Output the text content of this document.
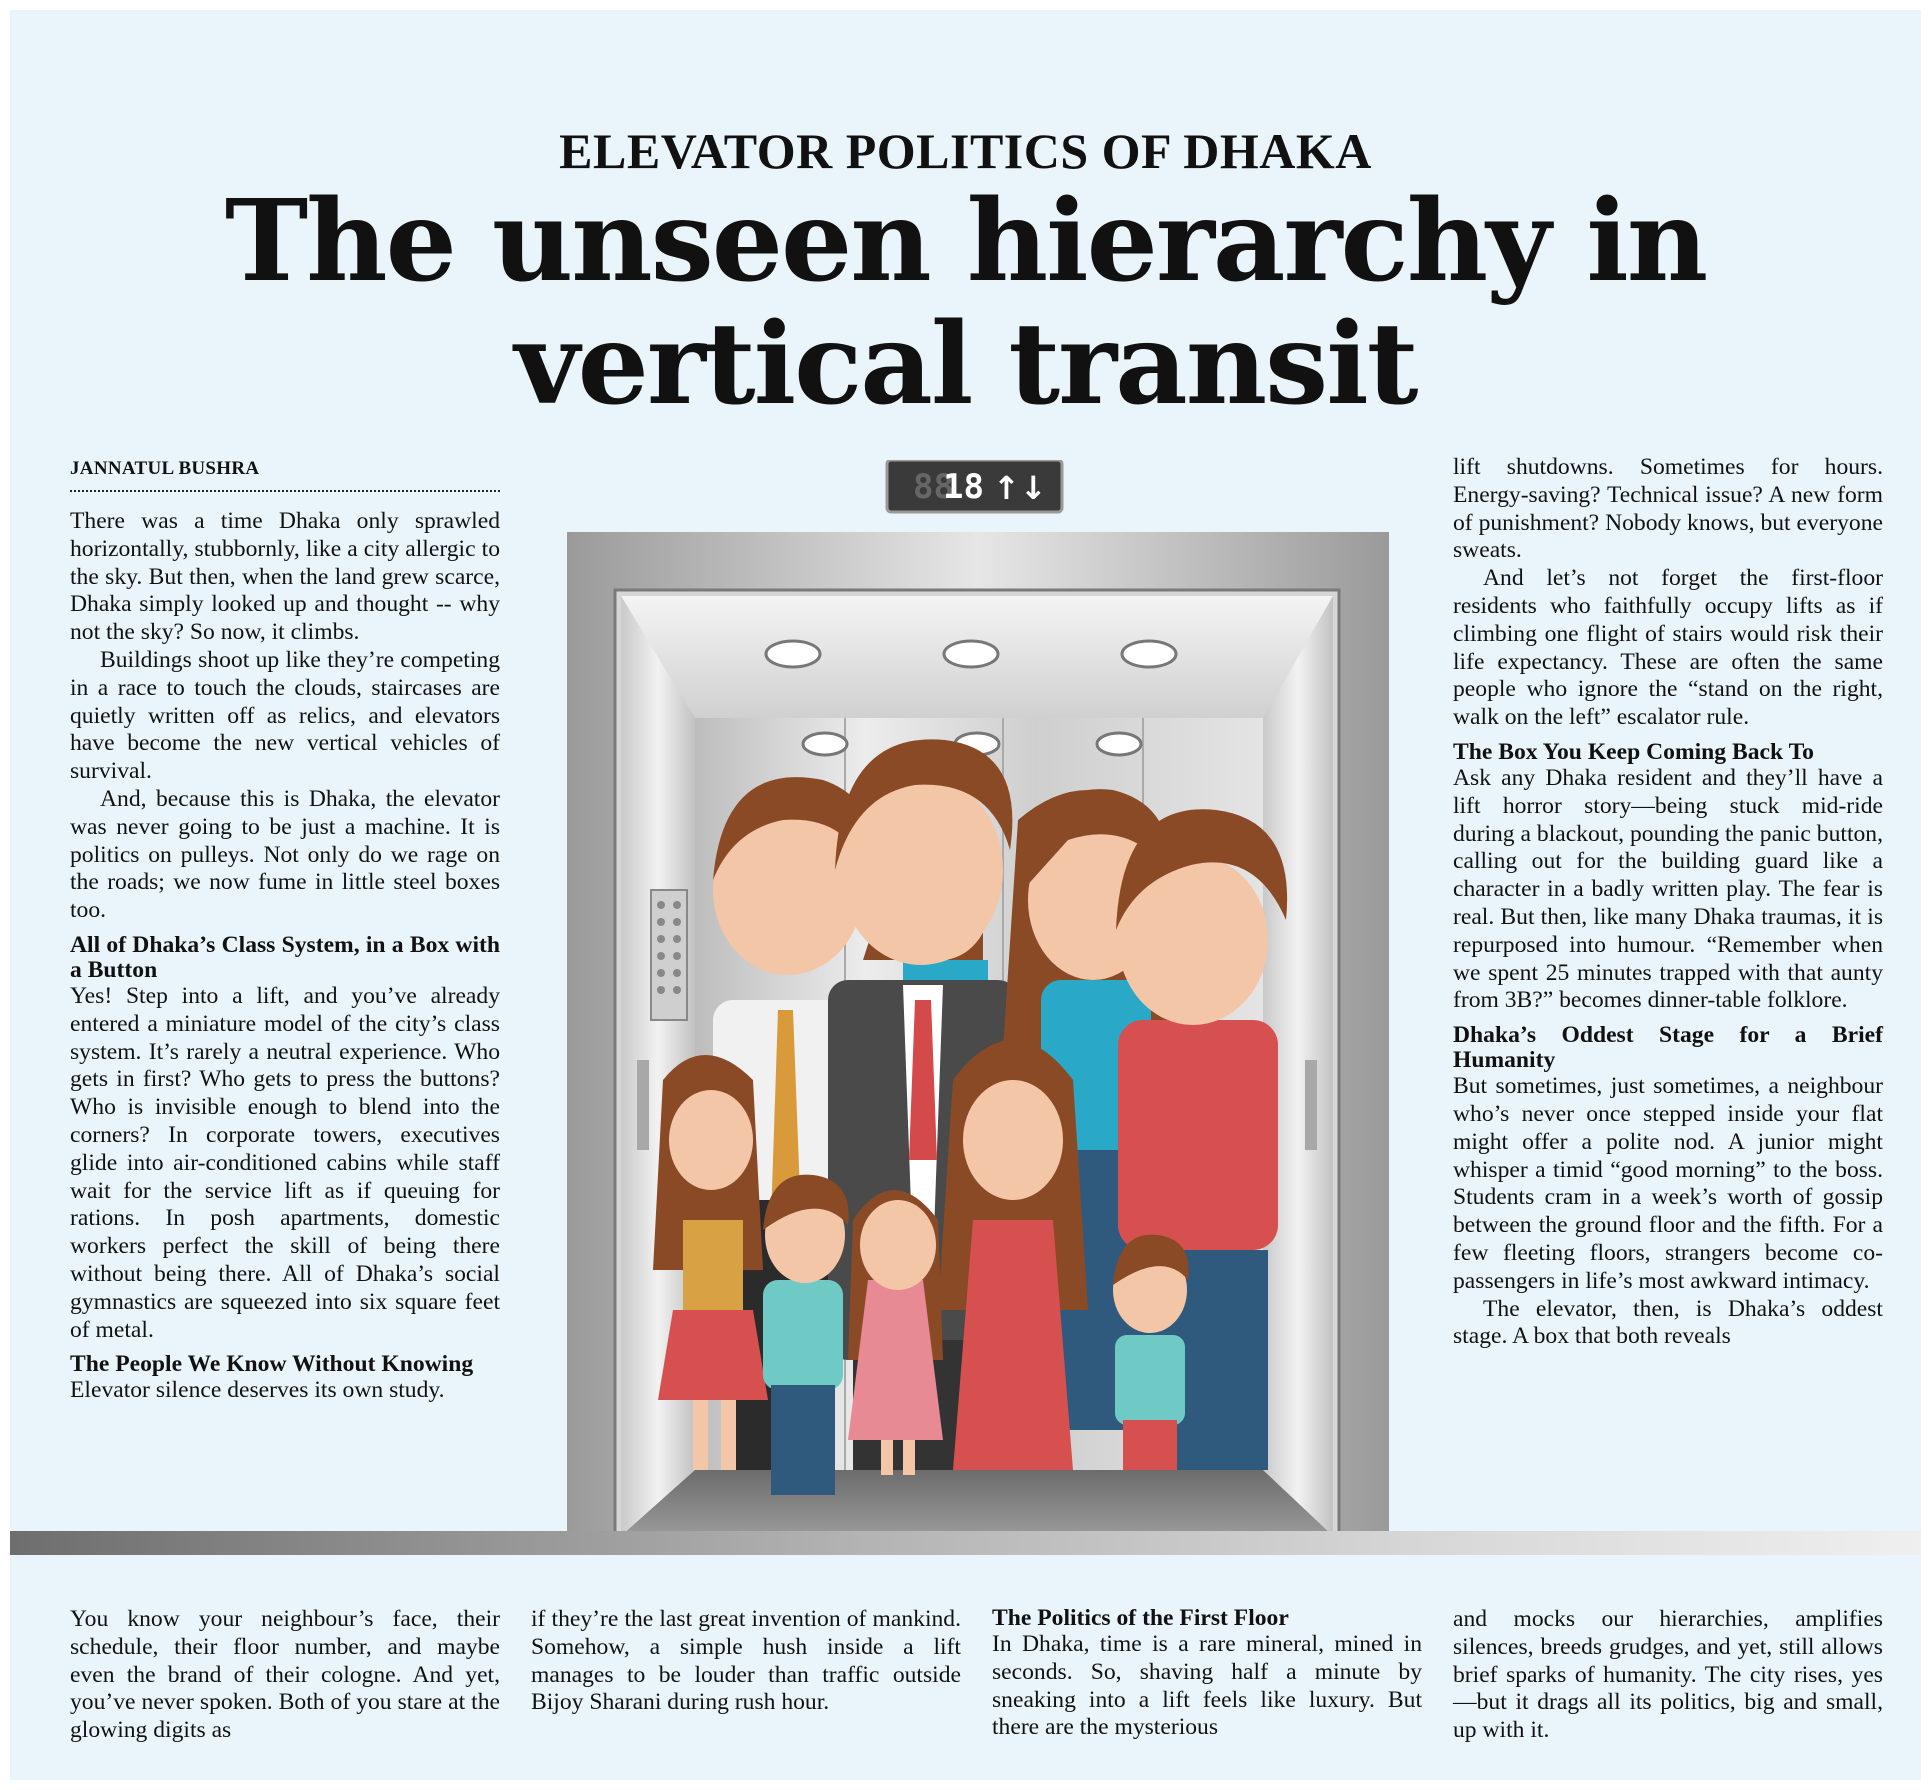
ELEVATOR POLITICS OF DHAKA
The unseen hierarchy in
vertical transit
JANNATUL BUSHRA

There was a time Dhaka only sprawled horizontally, stubbornly, like a city allergic to the sky. But then, when the land grew scarce, Dhaka simply looked up and thought -- why not the sky? So now, it climbs.

Buildings shoot up like they’re competing in a race to touch the clouds, staircases are quietly written off as relics, and elevators have become the new vertical vehicles of survival.

And, because this is Dhaka, the elevator was never going to be just a machine. It is politics on pulleys. Not only do we rage on the roads; we now fume in little steel boxes too.

All of Dhaka’s Class System, in a Box with a Button

Yes! Step into a lift, and you’ve already entered a miniature model of the city’s class system. It’s rarely a neutral experience. Who gets in first? Who gets to press the buttons? Who is invisible enough to blend into the corners? In corporate towers, executives glide into air-conditioned cabins while staff wait for the service lift as if queuing for rations. In posh apartments, domestic workers perfect the skill of being there without being there. All of Dhaka’s social gymnastics are squeezed into six square feet of metal.

The People We Know Without Knowing

Elevator silence deserves its own study.

lift shutdowns. Sometimes for hours. Energy-saving? Technical issue? A new form of punishment? Nobody knows, but everyone sweats.

And let’s not forget the first-floor residents who faithfully occupy lifts as if climbing one flight of stairs would risk their life expectancy. These are often the same people who ignore the “stand on the right, walk on the left” escalator rule.

The Box You Keep Coming Back To

Ask any Dhaka resident and they’ll have a lift horror story—being stuck mid-ride during a blackout, pounding the panic button, calling out for the building guard like a character in a badly written play. The fear is real. But then, like many Dhaka traumas, it is repurposed into humour. “Remember when we spent 25 minutes trapped with that aunty from 3B?” becomes dinner-table folklore.

Dhaka’s Oddest Stage for a Brief Humanity

But sometimes, just sometimes, a neighbour who’s never once stepped inside your flat might offer a polite nod. A junior might whisper a timid “good morning” to the boss. Students cram in a week’s worth of gossip between the ground floor and the fifth. For a few fleeting floors, strangers become co-passengers in life’s most awkward intimacy.

The elevator, then, is Dhaka’s oddest stage. A box that both reveals

88
18 ↑↓

You know your neighbour’s face, their schedule, their floor number, and maybe even the brand of their cologne. And yet, you’ve never spoken. Both of you stare at the glowing digits as

if they’re the last great invention of mankind. Somehow, a simple hush inside a lift manages to be louder than traffic outside Bijoy Sharani during rush hour.

The Politics of the First Floor

In Dhaka, time is a rare mineral, mined in seconds. So, shaving half a minute by sneaking into a lift feels like luxury. But there are the mysterious

and mocks our hierarchies, amplifies silences, breeds grudges, and yet, still allows brief sparks of humanity. The city rises, yes—but it drags all its politics, big and small, up with it.
